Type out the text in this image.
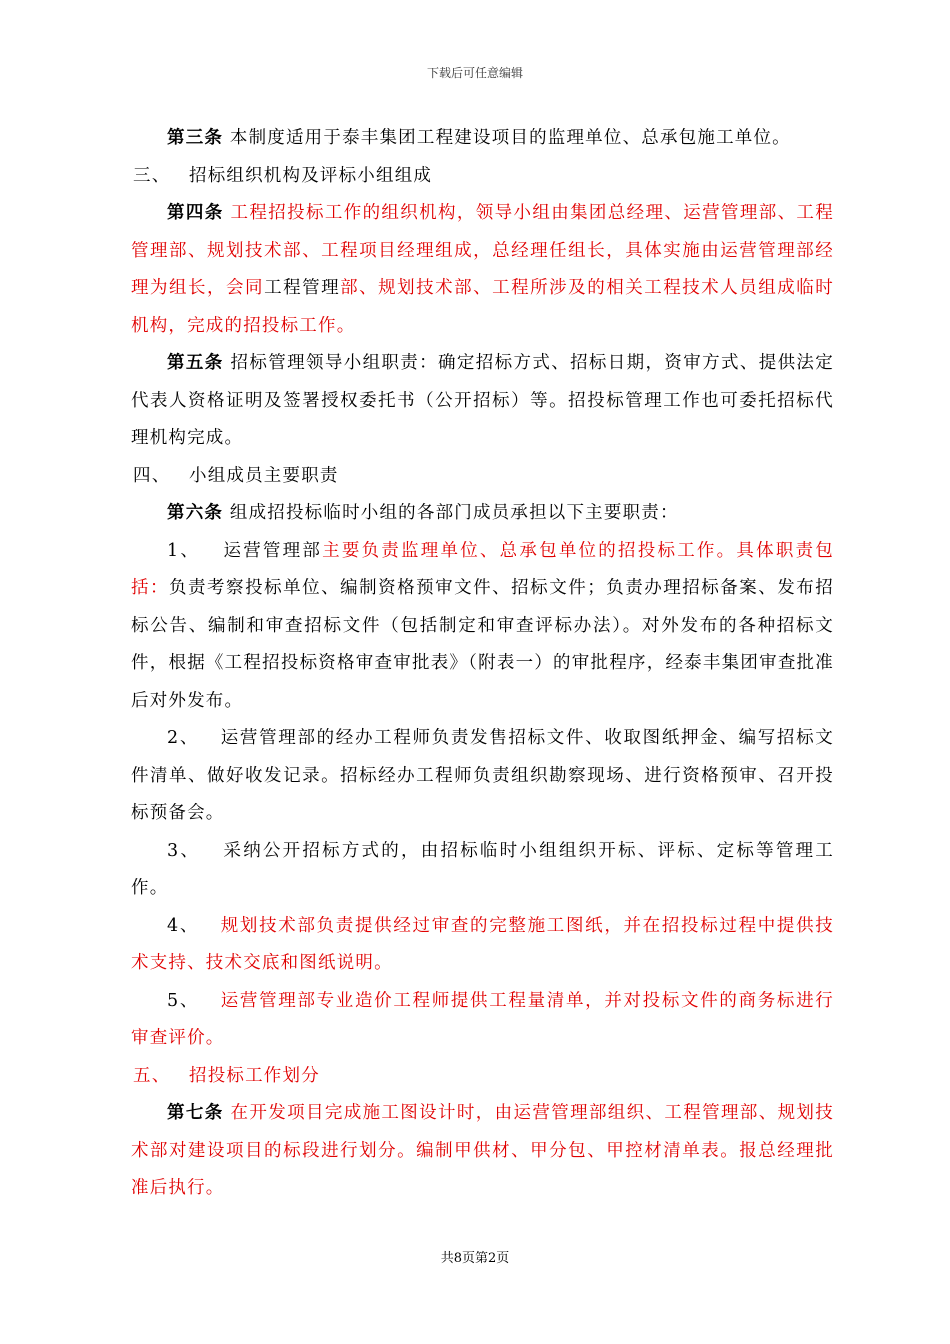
下载后可任意编辑

第三条 本制度适用于泰丰集团工程建设项目的监理单位、总承包施工单位。

三、 招标组织机构及评标小组组成

第四条 工程招投标工作的组织机构，领导小组由集团总经理、运营管理部、工程管理部、规划技术部、工程项目经理组成，总经理任组长，具体实施由运营管理部经理为组长，会同工程管理部、规划技术部、工程所涉及的相关工程技术人员组成临时机构，完成的招投标工作。

第五条 招标管理领导小组职责：确定招标方式、招标日期，资审方式、提供法定代表人资格证明及签署授权委托书（公开招标）等。招投标管理工作也可委托招标代理机构完成。

四、 小组成员主要职责

第六条 组成招投标临时小组的各部门成员承担以下主要职责：

1、 运营管理部主要负责监理单位、总承包单位的招投标工作。具体职责包括：负责考察投标单位、编制资格预审文件、招标文件；负责办理招标备案、发布招标公告、编制和审查招标文件（包括制定和审查评标办法）。对外发布的各种招标文件，根据《工程招投标资格审查审批表》（附表一）的审批程序，经泰丰集团审查批准后对外发布。

2、 运营管理部的经办工程师负责发售招标文件、收取图纸押金、编写招标文件清单、做好收发记录。招标经办工程师负责组织勘察现场、进行资格预审、召开投标预备会。

3、 采纳公开招标方式的，由招标临时小组组织开标、评标、定标等管理工作。

4、 规划技术部负责提供经过审查的完整施工图纸，并在招投标过程中提供技术支持、技术交底和图纸说明。

5、 运营管理部专业造价工程师提供工程量清单，并对投标文件的商务标进行审查评价。

五、 招投标工作划分

第七条 在开发项目完成施工图设计时，由运营管理部组织、工程管理部、规划技术部对建设项目的标段进行划分。编制甲供材、甲分包、甲控材清单表。报总经理批准后执行。

共8页第2页
